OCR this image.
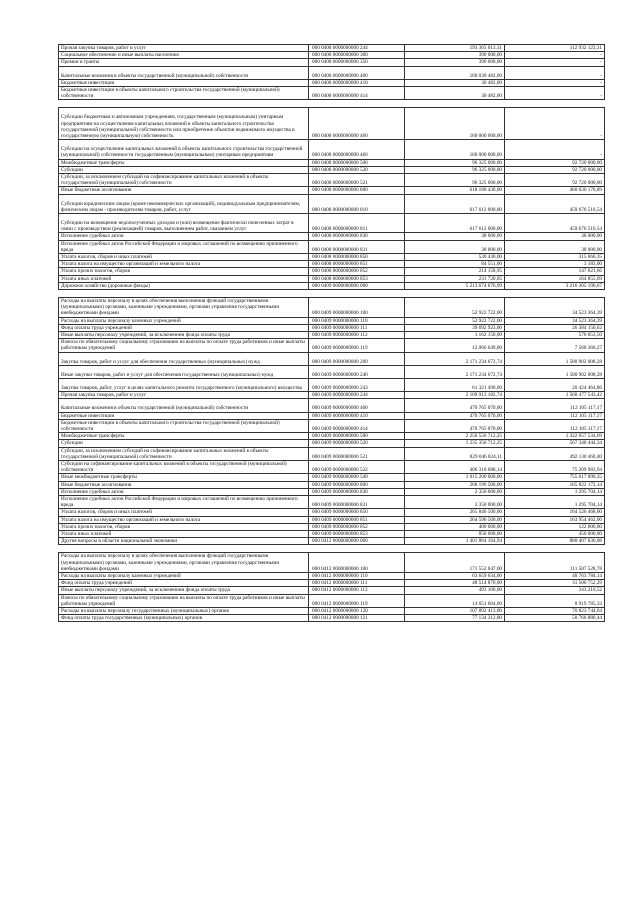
Прочая закупка товаров, работ и услуг	000 0408 0000000000 244	193 365 013,31	112 932 123,31
Социальное обеспечение и иные выплаты населению	000 0408 0000000000 300	390 000,00	-
Премии и гранты	000 0408 0000000000 350	390 000,00	-
Капитальные вложения в объекты государственной (муниципальной) собственности	000 0408 0000000000 400	160 030 482,00	-
Бюджетные инвестиции	000 0408 0000000000 410	30 482,00	-
Бюджетные инвестиции в объекты капитального строительства государственной (муниципальной) собственности	000 0408 0000000000 414	30 482,00	-

Субсидии бюджетным и автономным учреждениям, государственным (муниципальным) унитарным предприятиям на осуществление капитальных вложений в объекты капитального строительства государственной (муниципальной) собственности или приобретение объектов недвижимого имущества в государственную (муниципальную) собственность	000 0408 0000000000 460	160 000 000,00	-
Субсидии на осуществление капитальных вложений в объекты капитального строительства государственной (муниципальной) собственности государственным (муниципальным) унитарным предприятиям	000 0408 0000000000 466	160 000 000,00	-
Межбюджетные трансферты	000 0408 0000000000 500	96 325 000,00	92 720 000,00
Субсидии	000 0408 0000000000 520	96 325 000,00	92 720 000,00
Субсидии, за исключением субсидий на софинансирование капитальных вложений в объекты государственной (муниципальной) собственности	000 0408 0000000000 521	96 325 000,00	92 720 000,00
Иные бюджетные ассигнования	000 0408 0000000000 800	618 180 430,00	460 030 176,89
Субсидии юридическим лицам (кроме некоммерческих организаций), индивидуальным предпринимателям, физическим лицам - производителям товаров, работ, услуг	000 0408 0000000000 810	617 612 000,00	459 676 516,54
Субсидии на возмещение недополученных доходов и (или) возмещение фактически понесенных затрат в связи с производством (реализацией) товаров, выполнением работ, оказанием услуг	000 0408 0000000000 811	617 612 000,00	459 676 516,54
Исполнение судебных актов	000 0408 0000000000 830	38 000,00	38 000,00
Исполнение судебных актов Российской Федерации и мировых соглашений по возмещению причиненного вреда	000 0408 0000000000 831	38 000,00	38 000,00
Уплата налогов, сборов и иных платежей	000 0408 0000000000 850	530 430,00	315 660,35
Уплата налога на имущество организаций и земельного налога	000 0408 0000000000 851	84 551,00	3 183,00
Уплата прочих налогов, сборов	000 0408 0000000000 852	214 158,95	147 621,66
Уплата иных платежей	000 0408 0000000000 853	231 720,05	164 855,69
Дорожное хозяйство (дорожные фонды)	000 0409 0000000000 000	5 213 674 676,99	3 216 305 196,67

Расходы на выплаты персоналу в целях обеспечения выполнения функций государственными (муниципальными) органами, казенными учреждениями, органами управления государственными внебюджетными фондами	000 0409 0000000000 100	52 922 722,00	34 523 364,39
Расходы на выплаты персоналу казенных учреждений	000 0409 0000000000 110	52 922 722,00	34 523 364,39
Фонд оплаты труда учреждений	000 0409 0000000000 111	39 692 923,00	26 384 150,62
Иные выплаты персоналу учреждений, за исключением фонда оплаты труда	000 0409 0000000000 112	1 162 150,00	570 853,50
Взносы по обязательному социальному страхованию на выплаты по оплате труда работников и иные выплаты работникам учреждений	000 0409 0000000000 119	12 066 649,00	7 568 360,27
Закупка товаров, работ и услуг для обеспечения государственных (муниципальных) нужд	000 0409 0000000000 200	2 171 234 672,74	1 580 902 008,28
Иные закупки товаров, работ и услуг для обеспечения государственных (муниципальных) нужд	000 0409 0000000000 240	2 171 234 672,74	1 580 902 008,28
Закупка товаров, работ, услуг в целях капитального ремонта государственного (муниципального) имущества	000 0409 0000000000 243	61 321 490,00	20 424 464,86
Прочая закупка товаров, работ и услуг	000 0409 0000000000 244	2 109 913 182,74	1 560 477 543,42
Капитальные вложения в объекты государственной (муниципальной) собственности	000 0409 0000000000 400	470 765 070,00	112 105 117,17
Бюджетные инвестиции	000 0409 0000000000 410	470 765 070,00	112 105 117,17
Бюджетные инвестиции в объекты капитального строительства государственной (муниципальной) собственности	000 0409 0000000000 414	470 765 070,00	112 105 117,17
Межбюджетные трансферты	000 0409 0000000000 500	2 250 556 712,25	1 322 957 534,69
Субсидии	000 0409 0000000000 520	1 235 356 712,25	567 340 444,34
Субсидии, за исключением субсидий на софинансирование капитальных вложений в объекты государственной (муниципальной) собственности	000 0409 0000000000 521	829 046 024,11	492 130 460,40
Субсидии на софинансирование капитальных вложений в объекты государственной (муниципальной) собственности	000 0409 0000000000 522	406 310 688,14	75 209 983,94
Иные межбюджетные трансферты	000 0409 0000000000 540	1 015 200 000,00	755 617 090,35
Иные бюджетные ассигнования	000 0409 0000000000 800	268 196 500,00	165 822 172,14
Исполнение судебных актов	000 0409 0000000000 830	2 350 000,00	1 295 704,14
Исполнение судебных актов Российской Федерации и мировых соглашений по возмещению причиненного вреда	000 0409 0000000000 831	2 350 000,00	1 295 704,14
Уплата налогов, сборов и иных платежей	000 0409 0000000000 850	265 846 500,00	164 526 468,00
Уплата налога на имущество организаций и земельного налога	000 0409 0000000000 851	264 596 500,00	163 954 462,00
Уплата прочих налогов, сборов	000 0409 0000000000 852	400 000,00	122 006,00
Уплата иных платежей	000 0409 0000000000 853	850 000,00	450 000,00
Другие вопросы в области национальной экономики	000 0412 0000000000 000	1 401 864 164,94	880 407 836,08

Расходы на выплаты персоналу в целях обеспечения выполнения функций государственными (муниципальными) органами, казенными учреждениями, органами управления государственными внебюджетными фондами	000 0412 0000000000 100	171 552 047,00	111 587 528,78
Расходы на выплаты персоналу казенных учреждений	000 0412 0000000000 110	63 659 634,00	40 763 784,14
Фонд оплаты труда учреждений	000 0412 0000000000 111	48 514 870,00	31 500 752,29
Иные выплаты персоналу учреждений, за исключением фонда оплаты труда	000 0412 0000000000 112	493 100,00	343 216,52
Взносы по обязательному социальному страхованию на выплаты по оплате труда работников и иные выплаты работникам учреждений	000 0412 0000000000 119	14 651 664,00	8 919 785,33
Расходы на выплаты персоналу государственных (муниципальных) органов	000 0412 0000000000 120	107 892 413,00	70 823 744,64
Фонд оплаты труда государственных (муниципальных) органов	000 0412 0000000000 121	77 134 312,00	50 766 880,44
